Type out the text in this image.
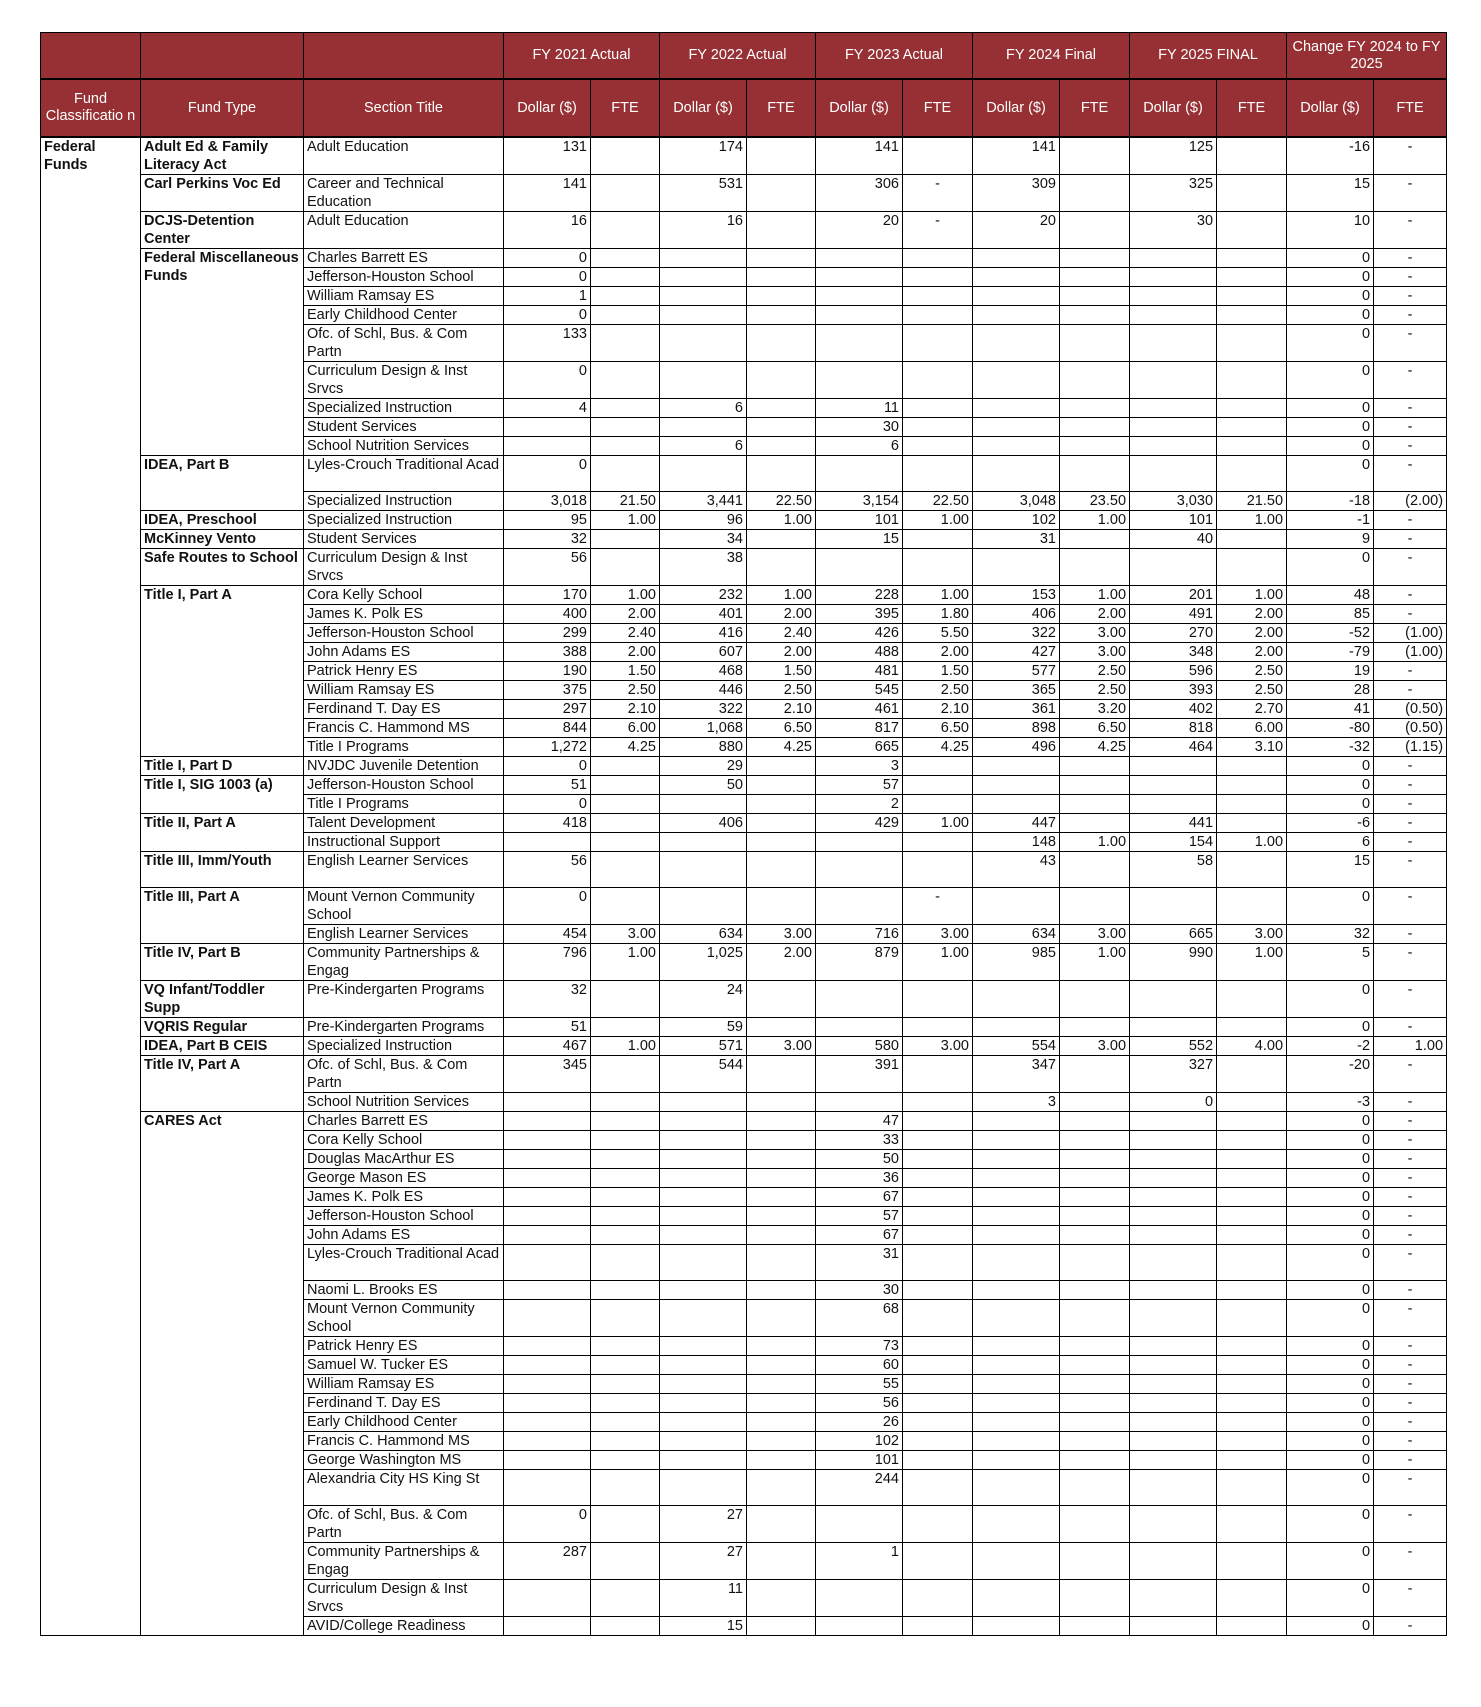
			FY 2021 Actual		FY 2022 Actual		FY 2023 Actual		FY 2024 Final		FY 2025 FINAL		Change FY 2024 to FY 2025	
Fund Classificatio n	Fund Type	Section Title	Dollar ($)	FTE	Dollar ($)	FTE	Dollar ($)	FTE	Dollar ($)	FTE	Dollar ($)	FTE	Dollar ($)	FTE
Federal Funds	Adult Ed & Family Literacy Act	Adult Education	131		174		141		141		125		-16	-
	Carl Perkins Voc Ed	Career and Technical Education	141		531		306	-	309		325		15	-
	DCJS-Detention Center	Adult Education	16		16		20	-	20		30		10	-
	Federal Miscellaneous Funds	Charles Barrett ES	0										0	-
		Jefferson-Houston School	0										0	-
		William Ramsay ES	1										0	-
		Early Childhood Center	0										0	-
		Ofc. of Schl, Bus. & Com Partn	133										0	-
		Curriculum Design & Inst Srvcs	0										0	-
		Specialized Instruction	4		6		11						0	-
		Student Services					30						0	-
		School Nutrition Services			6		6						0	-
	IDEA, Part B	Lyles-Crouch Traditional Acad	0										0	-
		Specialized Instruction	3,018	21.50	3,441	22.50	3,154	22.50	3,048	23.50	3,030	21.50	-18	(2.00)
	IDEA, Preschool	Specialized Instruction	95	1.00	96	1.00	101	1.00	102	1.00	101	1.00	-1	-
	McKinney Vento	Student Services	32		34		15		31		40		9	-
	Safe Routes to School	Curriculum Design & Inst Srvcs	56		38								0	-
	Title I, Part A	Cora Kelly School	170	1.00	232	1.00	228	1.00	153	1.00	201	1.00	48	-
		James K. Polk ES	400	2.00	401	2.00	395	1.80	406	2.00	491	2.00	85	-
		Jefferson-Houston School	299	2.40	416	2.40	426	5.50	322	3.00	270	2.00	-52	(1.00)
		John Adams ES	388	2.00	607	2.00	488	2.00	427	3.00	348	2.00	-79	(1.00)
		Patrick Henry ES	190	1.50	468	1.50	481	1.50	577	2.50	596	2.50	19	-
		William Ramsay ES	375	2.50	446	2.50	545	2.50	365	2.50	393	2.50	28	-
		Ferdinand T. Day ES	297	2.10	322	2.10	461	2.10	361	3.20	402	2.70	41	(0.50)
		Francis C. Hammond MS	844	6.00	1,068	6.50	817	6.50	898	6.50	818	6.00	-80	(0.50)
		Title I Programs	1,272	4.25	880	4.25	665	4.25	496	4.25	464	3.10	-32	(1.15)
	Title I, Part D	NVJDC Juvenile Detention	0		29		3						0	-
	Title I, SIG 1003 (a)	Jefferson-Houston School	51		50		57						0	-
		Title I Programs	0				2						0	-
	Title II, Part A	Talent Development	418		406		429	1.00	447		441		-6	-
		Instructional Support							148	1.00	154	1.00	6	-
	Title III, Imm/Youth	English Learner Services	56						43		58		15	-
	Title III, Part A	Mount Vernon Community School	0					-					0	-
		English Learner Services	454	3.00	634	3.00	716	3.00	634	3.00	665	3.00	32	-
	Title IV, Part B	Community Partnerships & Engag	796	1.00	1,025	2.00	879	1.00	985	1.00	990	1.00	5	-
	VQ Infant/Toddler Supp	Pre-Kindergarten Programs	32		24								0	-
	VQRIS Regular	Pre-Kindergarten Programs	51		59								0	-
	IDEA, Part B CEIS	Specialized Instruction	467	1.00	571	3.00	580	3.00	554	3.00	552	4.00	-2	1.00
	Title IV, Part A	Ofc. of Schl, Bus. & Com Partn	345		544		391		347		327		-20	-
		School Nutrition Services							3		0		-3	-
	CARES Act	Charles Barrett ES					47						0	-
		Cora Kelly School					33						0	-
		Douglas MacArthur ES					50						0	-
		George Mason ES					36						0	-
		James K. Polk ES					67						0	-
		Jefferson-Houston School					57						0	-
		John Adams ES					67						0	-
		Lyles-Crouch Traditional Acad					31						0	-
		Naomi L. Brooks ES					30						0	-
		Mount Vernon Community School					68						0	-
		Patrick Henry ES					73						0	-
		Samuel W. Tucker ES					60						0	-
		William Ramsay ES					55						0	-
		Ferdinand T. Day ES					56						0	-
		Early Childhood Center					26						0	-
		Francis C. Hammond MS					102						0	-
		George Washington MS					101						0	-
		Alexandria City HS King St					244						0	-
		Ofc. of Schl, Bus. & Com Partn	0		27								0	-
		Community Partnerships & Engag	287		27		1						0	-
		Curriculum Design & Inst Srvcs			11								0	-
		AVID/College Readiness			15								0	-
